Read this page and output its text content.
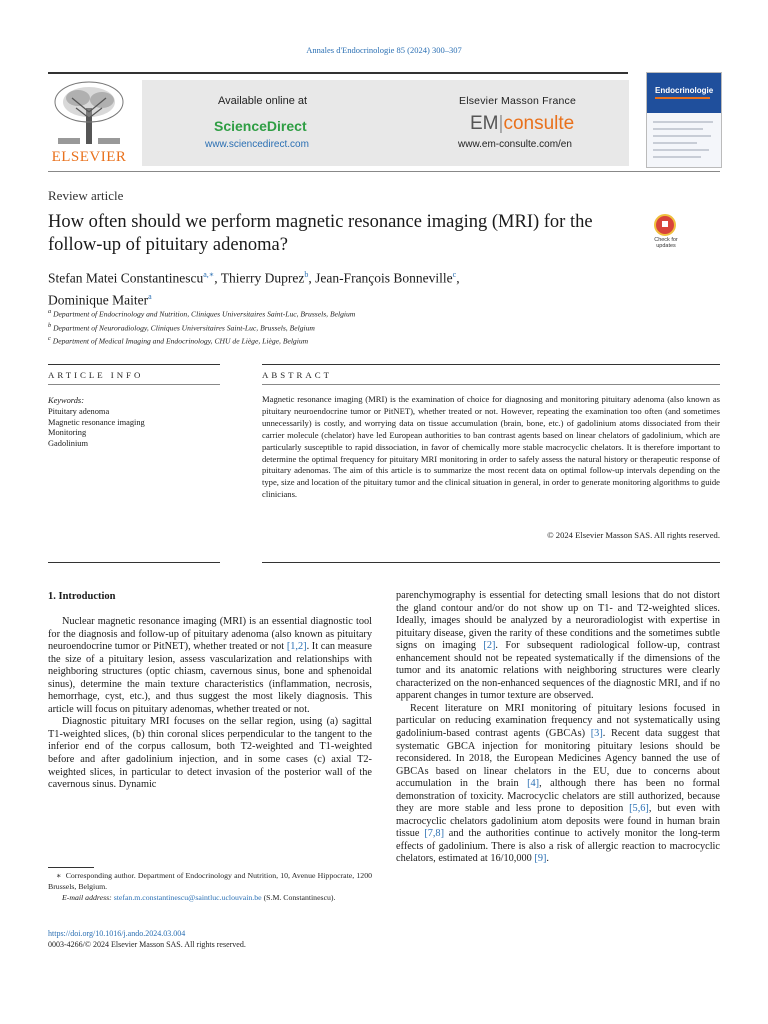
Annales d'Endocrinologie 85 (2024) 300–307
ELSEVIER
Available online at
ScienceDirect
www.sciencedirect.com
Elsevier Masson France
EM|consulte
www.em-consulte.com/en
Endocrinologie
Review article
How often should we perform magnetic resonance imaging (MRI) for the follow-up of pituitary adenoma?	Check for updates
Stefan Matei Constantinescu$^{a,∗}$, Thierry Duprez$^b$, Jean-François Bonneville$^c$,
Dominique Maiter$^a$
$^a$ Department of Endocrinology and Nutrition, Cliniques Universitaires Saint-Luc, Brussels, Belgium
$^b$ Department of Neuroradiology, Cliniques Universitaires Saint-Luc, Brussels, Belgium
$^c$ Department of Medical Imaging and Endocrinology, CHU de Liège, Liège, Belgium
ARTICLE INFO	ABSTRACT
Keywords:
Pituitary adenoma
Magnetic resonance imaging
Monitoring
Gadolinium
Magnetic resonance imaging (MRI) is the examination of choice for diagnosing and monitoring pituitary adenoma (also known as pituitary neuroendocrine tumor or PitNET), whether treated or not. However, repeating the examination too often (and sometimes unnecessarily) is costly, and worrying data on tissue accumulation (brain, bone, etc.) of gadolinium atoms dissociated from their carrier molecule (chelator) have led European authorities to ban contrast agents based on linear chelators of gadolinium, which are particularly susceptible to rapid dissociation, in favor of chemically more stable macrocyclic chelators. It is therefore important to determine the optimal frequency for pituitary MRI monitoring in order to safely assess the natural history or therapeutic response of pituitary adenomas. The aim of this article is to summarize the most recent data on optimal follow-up intervals depending on the type, size and location of the pituitary tumor and the clinical situation in general, in order to generate monitoring algorithms to guide clinicians.
© 2024 Elsevier Masson SAS. All rights reserved.
1. Introduction

Nuclear magnetic resonance imaging (MRI) is an essential diagnostic tool for the diagnosis and follow-up of pituitary adenoma (also known as pituitary neuroendocrine tumor or PitNET), whether treated or not [1,2]. It can measure the size of a pituitary lesion, assess vascularization and relationships with neighboring structures (optic chiasm, cavernous sinus, bone and sphenoidal sinus), determine the main texture characteristics (inflammation, necrosis, hemorrhage, cyst, etc.), and thus suggest the most likely diagnosis. This article will focus on pituitary adenomas, whether treated or not.

Diagnostic pituitary MRI focuses on the sellar region, using (a) sagittal T1-weighted slices, (b) thin coronal slices perpendicular to the tangent to the inferior end of the corpus callosum, both T2-weighted and T1-weighted before and after gadolinium injection, and in some cases (c) axial T2-weighted slices, in particular to detect invasion of the posterior wall of the cavernous sinus. Dynamic

parenchymography is essential for detecting small lesions that do not distort the gland contour and/or do not show up on T1- and T2-weighted slices. Ideally, images should be analyzed by a neuroradiologist with expertise in pituitary disease, given the rarity of these conditions and the sometimes subtle signs on imaging [2]. For subsequent radiological follow-up, contrast enhancement should not be repeated systematically if the dimensions of the tumor and its anatomic relations with neighboring structures were clearly characterized on the non-enhanced sequences of the diagnostic MRI, and if no apparent changes in tumor texture are observed.

Recent literature on MRI monitoring of pituitary lesions focused in particular on reducing examination frequency and not systematically using gadolinium-based contrast agents (GBCAs) [3]. Recent data suggest that systematic GBCA injection for monitoring pituitary lesions should be reconsidered. In 2018, the European Medicines Agency banned the use of GBCAs based on linear chelators in the EU, due to concerns about accumulation in the brain [4], although there has been no formal demonstration of toxicity. Macrocyclic chelators are still authorized, because they are more stable and less prone to deposition [5,6], but even with macrocyclic chelators gadolinium atom deposits were found in human brain tissue [7,8] and the authorities continue to actively monitor the long-term effects of gadolinium. There is also a risk of allergic reaction to macrocyclic chelators, estimated at 16/10,000 [9].

∗ Corresponding author. Department of Endocrinology and Nutrition, 10, Avenue Hippocrate, 1200 Brussels, Belgium.
E-mail address: stefan.m.constantinescu@saintluc.uclouvain.be (S.M. Constantinescu).
https://doi.org/10.1016/j.ando.2024.03.004
0003-4266/© 2024 Elsevier Masson SAS. All rights reserved.
